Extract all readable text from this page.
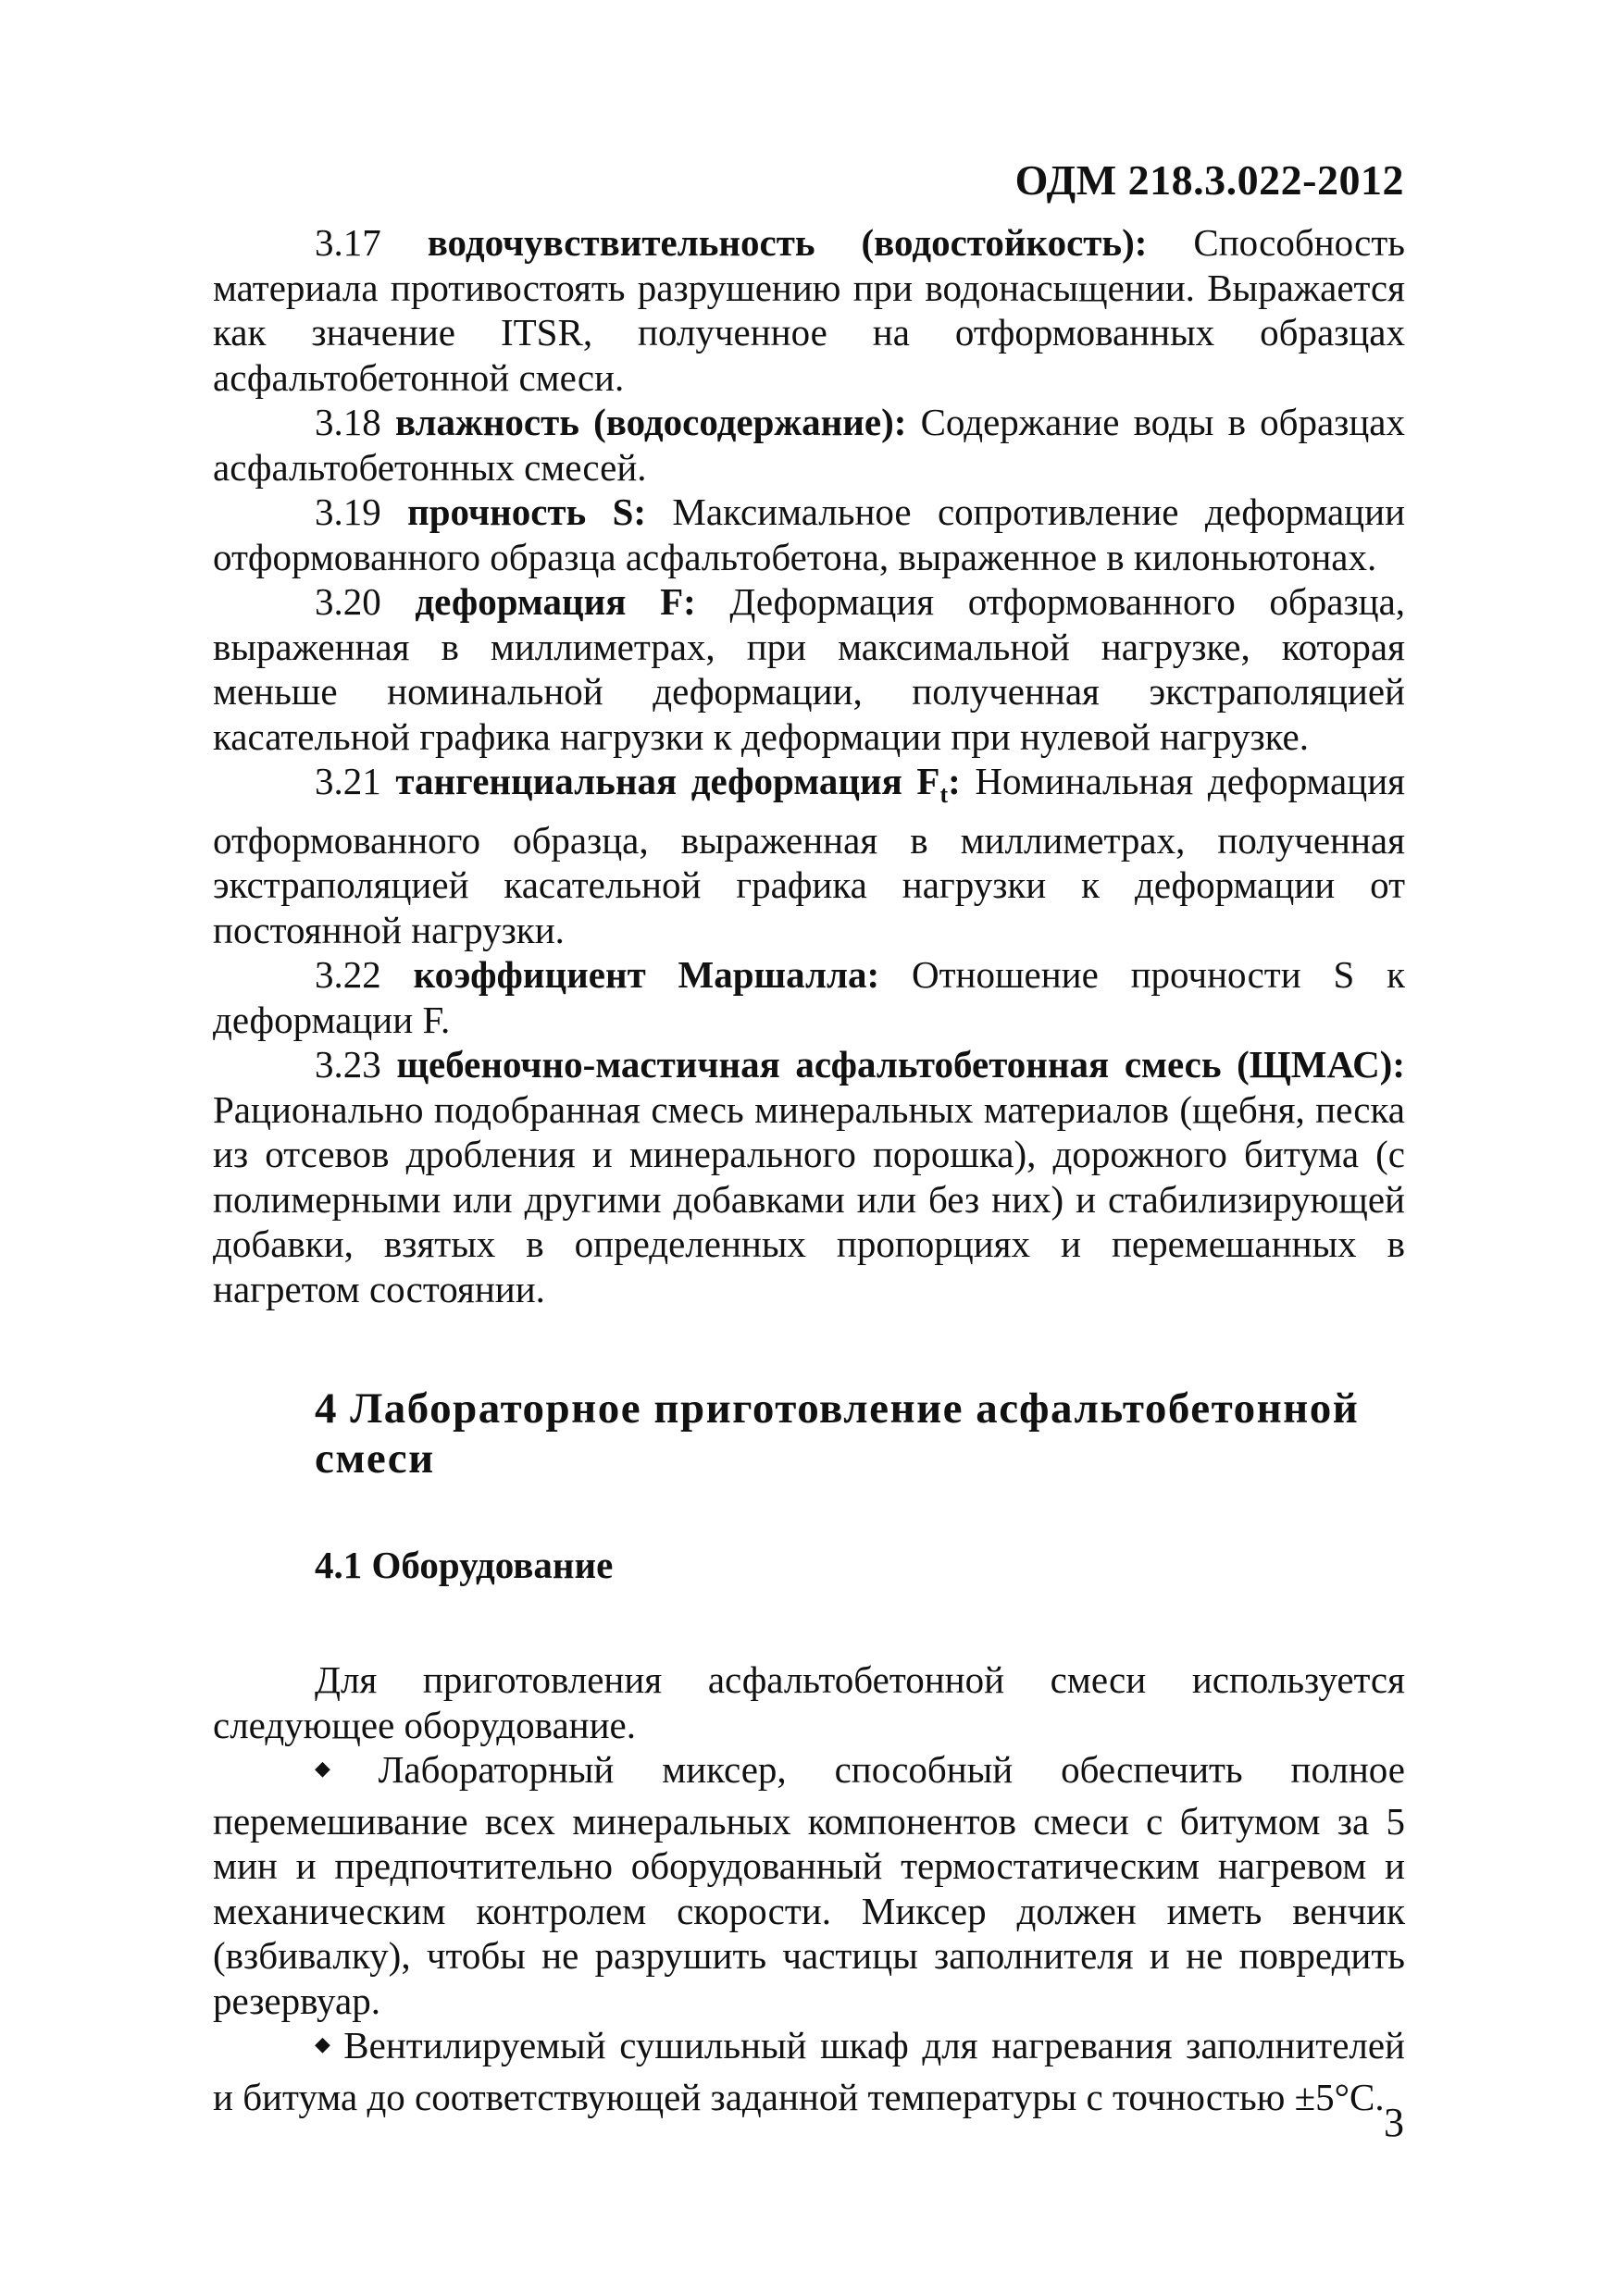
ОДМ 218.3.022-2012

3.17 водочувствительность (водостойкость): Способность материала противостоять разрушению при водонасыщении. Выражается как значение ITSR, полученное на отформованных образцах асфальтобетонной смеси.

3.18 влажность (водосодержание): Содержание воды в образцах асфальтобетонных смесей.

3.19 прочность S: Максимальное сопротивление деформации отформованного образца асфальтобетона, выраженное в килоньютонах.

3.20 деформация F: Деформация отформованного образца, выраженная в миллиметрах, при максимальной нагрузке, которая меньше номинальной деформации, полученная экстраполяцией касательной графика нагрузки к деформации при нулевой нагрузке.

3.21 тангенциальная деформация $F_t$: Номинальная деформация отформованного образца, выраженная в миллиметрах, полученная экстраполяцией касательной графика нагрузки к деформации от постоянной нагрузки.

3.22 коэффициент Маршалла: Отношение прочности S к деформации F.

3.23 щебеночно-мастичная асфальтобетонная смесь (ЩМАС): Рационально подобранная смесь минеральных материалов (щебня, песка из отсевов дробления и минерального порошка), дорожного битума (с полимерными или другими добавками или без них) и стабилизирующей добавки, взятых в определенных пропорциях и перемешанных в нагретом состоянии.

4 Лабораторное приготовление асфальтобетонной смеси
4.1 Оборудование

Для приготовления асфальтобетонной смеси используется следующее оборудование.

◆ Лабораторный миксер, способный обеспечить полное перемешивание всех минеральных компонентов смеси с битумом за 5 мин и предпочтительно оборудованный термостатическим нагревом и механическим контролем скорости. Миксер должен иметь венчик (взбивалку), чтобы не разрушить частицы заполнителя и не повредить резервуар.

◆ Вентилируемый сушильный шкаф для нагревания заполнителей и битума до соответствующей заданной температуры с точностью ±5°C.

3
